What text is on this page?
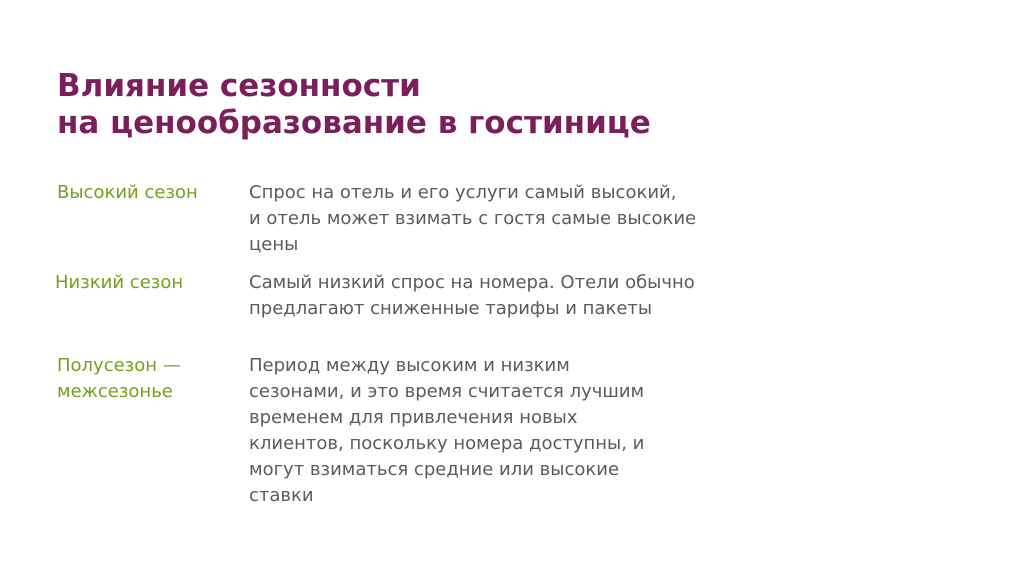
Влияние сезонности
на ценообразование в гостинице
Высокий сезон	Спрос на отель и его услуги самый высокий,
и отель может взимать с гостя самые высокие
цены
Низкий сезон	Самый низкий спрос на номера. Отели обычно
предлагают сниженные тарифы и пакеты
Полусезон —
межсезонье
Период между высоким и низким
сезонами, и это время считается лучшим
временем для привлечения новых
клиентов, поскольку номера доступны, и
могут взиматься средние или высокие
ставки
